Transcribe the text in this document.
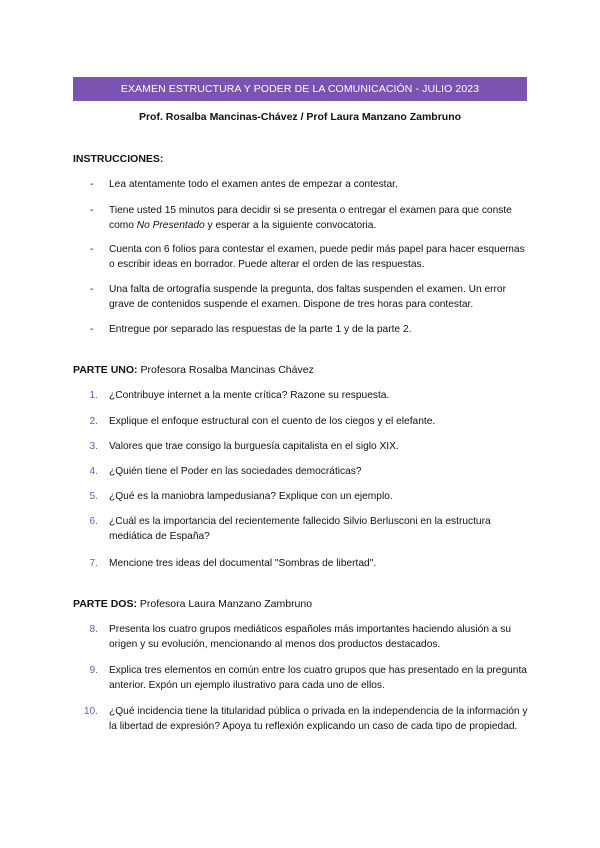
EXAMEN ESTRUCTURA Y PODER DE LA COMUNICACIÓN - JULIO 2023
Prof. Rosalba Mancinas-Chávez / Prof Laura Manzano Zambruno
INSTRUCCIONES:
- Lea atentamente todo el examen antes de empezar a contestar.
- Tiene usted 15 minutos para decidir si se presenta o entregar el examen para que conste como No Presentado y esperar a la siguiente convocatoria.
- Cuenta con 6 folios para contestar el examen, puede pedir más papel para hacer esquemas o escribir ideas en borrador. Puede alterar el orden de las respuestas.
- Una falta de ortografía suspende la pregunta, dos faltas suspenden el examen. Un error grave de contenidos suspende el examen. Dispone de tres horas para contestar.
- Entregue por separado las respuestas de la parte 1 y de la parte 2.
PARTE UNO: Profesora Rosalba Mancinas Chávez
1. ¿Contribuye internet a la mente crítica? Razone su respuesta.
2. Explique el enfoque estructural con el cuento de los ciegos y el elefante.
3. Valores que trae consigo la burguesía capitalista en el siglo XIX.
4. ¿Quién tiene el Poder en las sociedades democráticas?
5. ¿Qué es la maniobra lampedusiana? Explique con un ejemplo.
6. ¿Cuál es la importancia del recientemente fallecido Silvio Berlusconi en la estructura mediática de España?
7. Mencione tres ideas del documental "Sombras de libertad".
PARTE DOS: Profesora Laura Manzano Zambruno
8. Presenta los cuatro grupos mediáticos españoles más importantes haciendo alusión a su origen y su evolución, mencionando al menos dos productos destacados.
9. Explica tres elementos en común entre los cuatro grupos que has presentado en la pregunta anterior. Expón un ejemplo ilustrativo para cada uno de ellos.
10. ¿Qué incidencia tiene la titularidad pública o privada en la independencia de la información y la libertad de expresión? Apoya tu reflexión explicando un caso de cada tipo de propiedad.
